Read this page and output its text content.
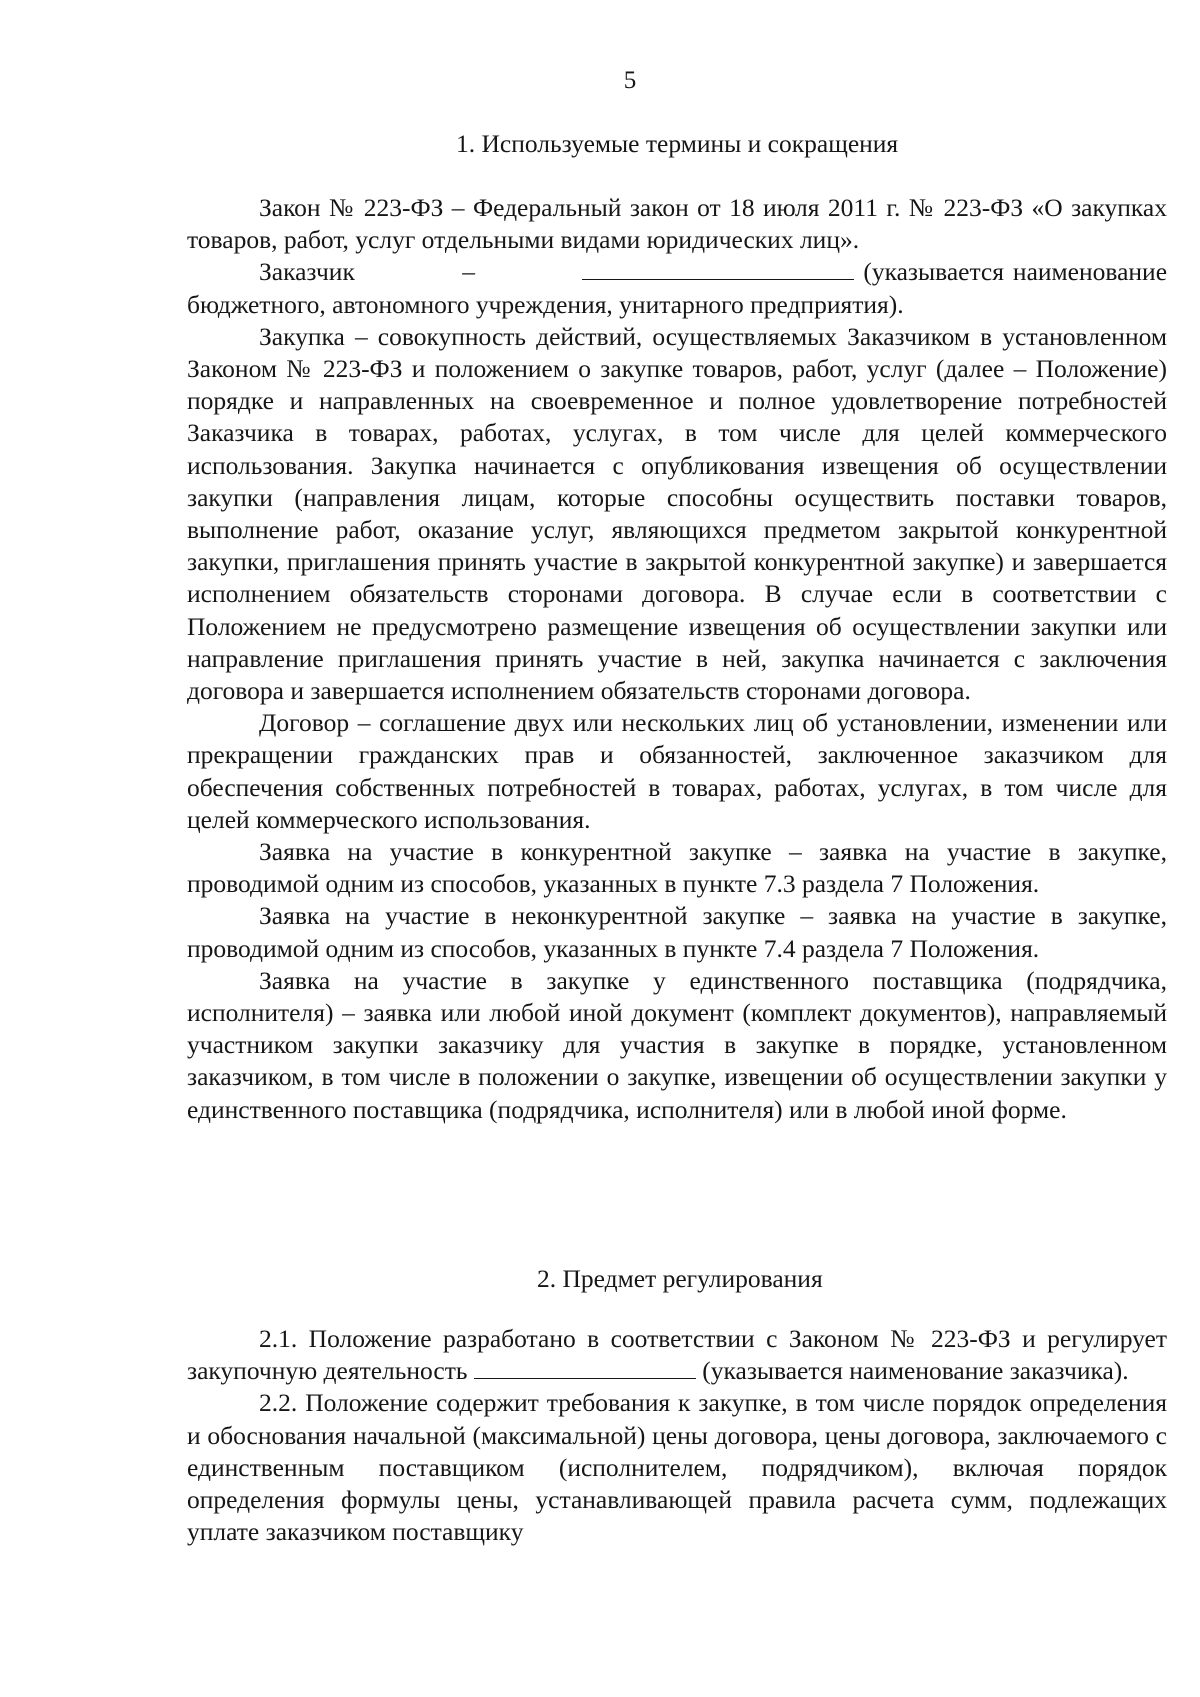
5
1. Используемые термины и сокращения

Закон № 223-ФЗ – Федеральный закон от 18 июля 2011 г. № 223-ФЗ «О закупках товаров, работ, услуг отдельными видами юридических лиц».

Заказчик	–	(указывается наименование бюджетного, автономного учреждения, унитарного предприятия).

Закупка – совокупность действий, осуществляемых Заказчиком в установленном Законом № 223-ФЗ и положением о закупке товаров, работ, услуг (далее – Положение) порядке и направленных на своевременное и полное удовлетворение потребностей Заказчика в товарах, работах, услугах, в том числе для целей коммерческого использования. Закупка начинается с опубликования извещения об осуществлении закупки (направления лицам, которые способны осуществить поставки товаров, выполнение работ, оказание услуг, являющихся предметом закрытой конкурентной закупки, приглашения принять участие в закрытой конкурентной закупке) и завершается исполнением обязательств сторонами договора. В случае если в соответствии с Положением не предусмотрено размещение извещения об осуществлении закупки или направление приглашения принять участие в ней, закупка начинается с заключения договора и завершается исполнением обязательств сторонами договора.

Договор – соглашение двух или нескольких лиц об установлении, изменении или прекращении гражданских прав и обязанностей, заключенное заказчиком для обеспечения собственных потребностей в товарах, работах, услугах, в том числе для целей коммерческого использования.

Заявка на участие в конкурентной закупке – заявка на участие в закупке, проводимой одним из способов, указанных в пункте 7.3 раздела 7 Положения.

Заявка на участие в неконкурентной закупке – заявка на участие в закупке, проводимой одним из способов, указанных в пункте 7.4 раздела 7 Положения.

Заявка на участие в закупке у единственного поставщика (подрядчика, исполнителя) – заявка или любой иной документ (комплект документов), направляемый участником закупки заказчику для участия в закупке в порядке, установленном заказчиком, в том числе в положении о закупке, извещении об осуществлении закупки у единственного поставщика (подрядчика, исполнителя) или в любой иной форме.

2. Предмет регулирования

2.1. Положение разработано в соответствии с Законом № 223-ФЗ и регулирует закупочную деятельность	(указывается наименование заказчика).

2.2. Положение содержит требования к закупке, в том числе порядок определения и обоснования начальной (максимальной) цены договора, цены договора, заключаемого с единственным поставщиком (исполнителем, подрядчиком), включая порядок определения формулы цены, устанавливающей правила расчета сумм, подлежащих уплате заказчиком поставщику
